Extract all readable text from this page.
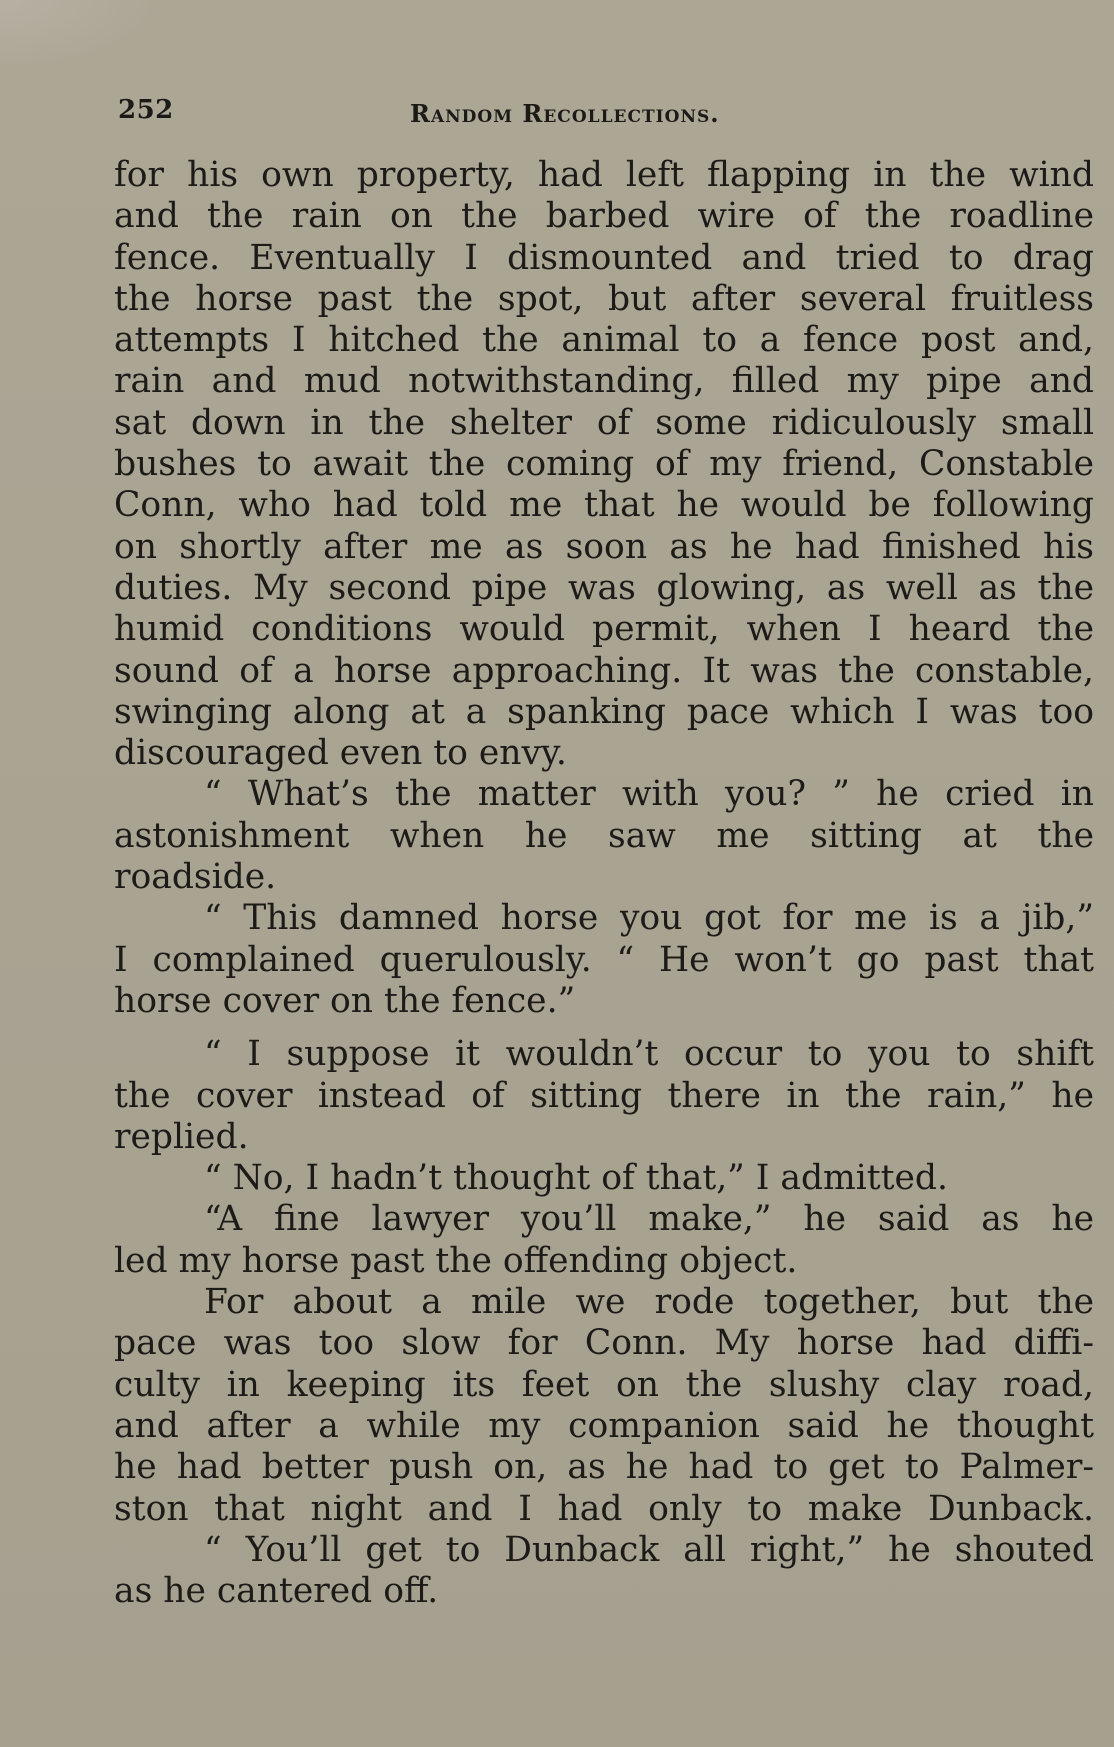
252	Random Recollections.
for his own property, had left flapping in the wind
and the rain on the barbed wire of the roadline
fence. Eventually I dismounted and tried to drag
the horse past the spot, but after several fruitless
attempts I hitched the animal to a fence post and,
rain and mud notwithstanding, filled my pipe and
sat down in the shelter of some ridiculously small
bushes to await the coming of my friend, Constable
Conn, who had told me that he would be following
on shortly after me as soon as he had finished his
duties. My second pipe was glowing, as well as the
humid conditions would permit, when I heard the
sound of a horse approaching. It was the constable,
swinging along at a spanking pace which I was too
discouraged even to envy.
“ What’s the matter with you? ” he cried in
astonishment when he saw me sitting at the
roadside.
“ This damned horse you got for me is a jib,”
I complained querulously. “ He won’t go past that
horse cover on the fence.”
“ I suppose it wouldn’t occur to you to shift
the cover instead of sitting there in the rain,” he
replied.
“ No, I hadn’t thought of that,” I admitted.
“A fine lawyer you’ll make,” he said as he
led my horse past the offending object.
For about a mile we rode together, but the
pace was too slow for Conn. My horse had diffi-
culty in keeping its feet on the slushy clay road,
and after a while my companion said he thought
he had better push on, as he had to get to Palmer-
ston that night and I had only to make Dunback.
“ You’ll get to Dunback all right,” he shouted
as he cantered off.
